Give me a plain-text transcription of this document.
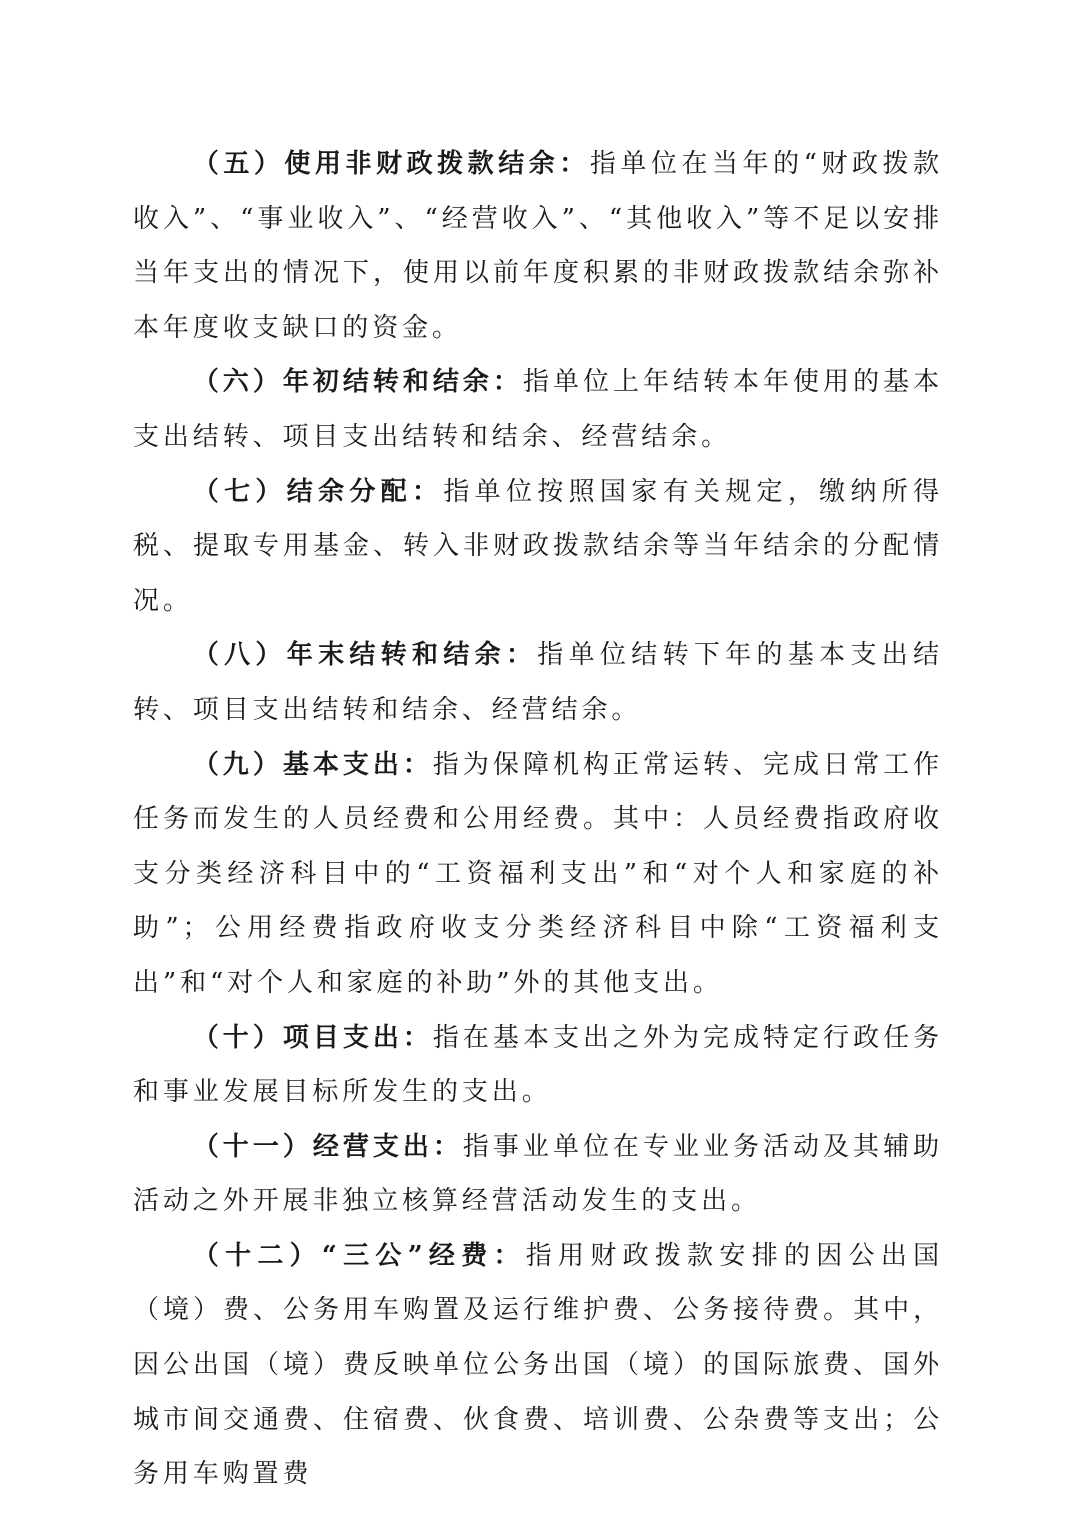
（五）使用非财政拨款结余：指单位在当年的“财政拨款收入”、“事业收入”、“经营收入”、“其他收入”等不足以安排当年支出的情况下，使用以前年度积累的非财政拨款结余弥补本年度收支缺口的资金。

（六）年初结转和结余：指单位上年结转本年使用的基本支出结转、项目支出结转和结余、经营结余。

（七）结余分配：指单位按照国家有关规定，缴纳所得税、提取专用基金、转入非财政拨款结余等当年结余的分配情况。

（八）年末结转和结余：指单位结转下年的基本支出结转、项目支出结转和结余、经营结余。

（九）基本支出：指为保障机构正常运转、完成日常工作任务而发生的人员经费和公用经费。其中：人员经费指政府收支分类经济科目中的“工资福利支出”和“对个人和家庭的补助”；公用经费指政府收支分类经济科目中除“工资福利支出”和“对个人和家庭的补助”外的其他支出。

（十）项目支出：指在基本支出之外为完成特定行政任务和事业发展目标所发生的支出。

（十一）经营支出：指事业单位在专业业务活动及其辅助活动之外开展非独立核算经营活动发生的支出。

（十二）“三公”经费：指用财政拨款安排的因公出国（境）费、公务用车购置及运行维护费、公务接待费。其中，因公出国（境）费反映单位公务出国（境）的国际旅费、国外城市间交通费、住宿费、伙食费、培训费、公杂费等支出；公务用车购置费
